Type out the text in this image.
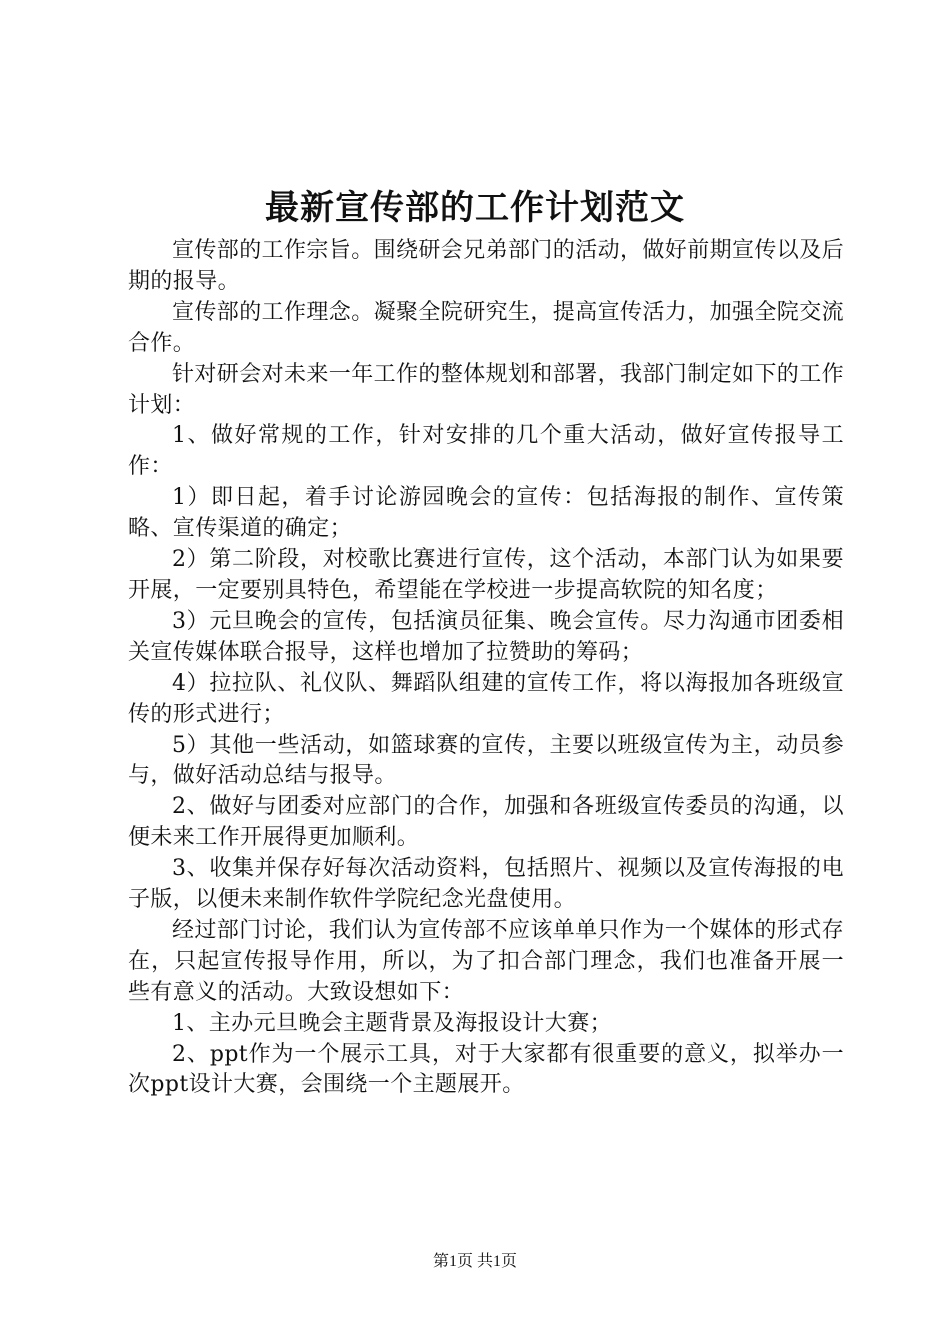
最新宣传部的工作计划范文

宣传部的工作宗旨。围绕研会兄弟部门的活动，做好前期宣传以及后期的报导。

宣传部的工作理念。凝聚全院研究生，提高宣传活力，加强全院交流合作。

针对研会对未来一年工作的整体规划和部署，我部门制定如下的工作计划：

1、做好常规的工作，针对安排的几个重大活动，做好宣传报导工作：

1）即日起，着手讨论游园晚会的宣传：包括海报的制作、宣传策略、宣传渠道的确定；

2）第二阶段，对校歌比赛进行宣传，这个活动，本部门认为如果要开展，一定要别具特色，希望能在学校进一步提高软院的知名度；

3）元旦晚会的宣传，包括演员征集、晚会宣传。尽力沟通市团委相关宣传媒体联合报导，这样也增加了拉赞助的筹码；

4）拉拉队、礼仪队、舞蹈队组建的宣传工作，将以海报加各班级宣传的形式进行；

5）其他一些活动，如篮球赛的宣传，主要以班级宣传为主，动员参与，做好活动总结与报导。

2、做好与团委对应部门的合作，加强和各班级宣传委员的沟通，以便未来工作开展得更加顺利。

3、收集并保存好每次活动资料，包括照片、视频以及宣传海报的电子版，以便未来制作软件学院纪念光盘使用。

经过部门讨论，我们认为宣传部不应该单单只作为一个媒体的形式存在，只起宣传报导作用，所以，为了扣合部门理念，我们也准备开展一些有意义的活动。大致设想如下：

1、主办元旦晚会主题背景及海报设计大赛；

2、ppt作为一个展示工具，对于大家都有很重要的意义，拟举办一次ppt设计大赛，会围绕一个主题展开。

第1页 共1页
